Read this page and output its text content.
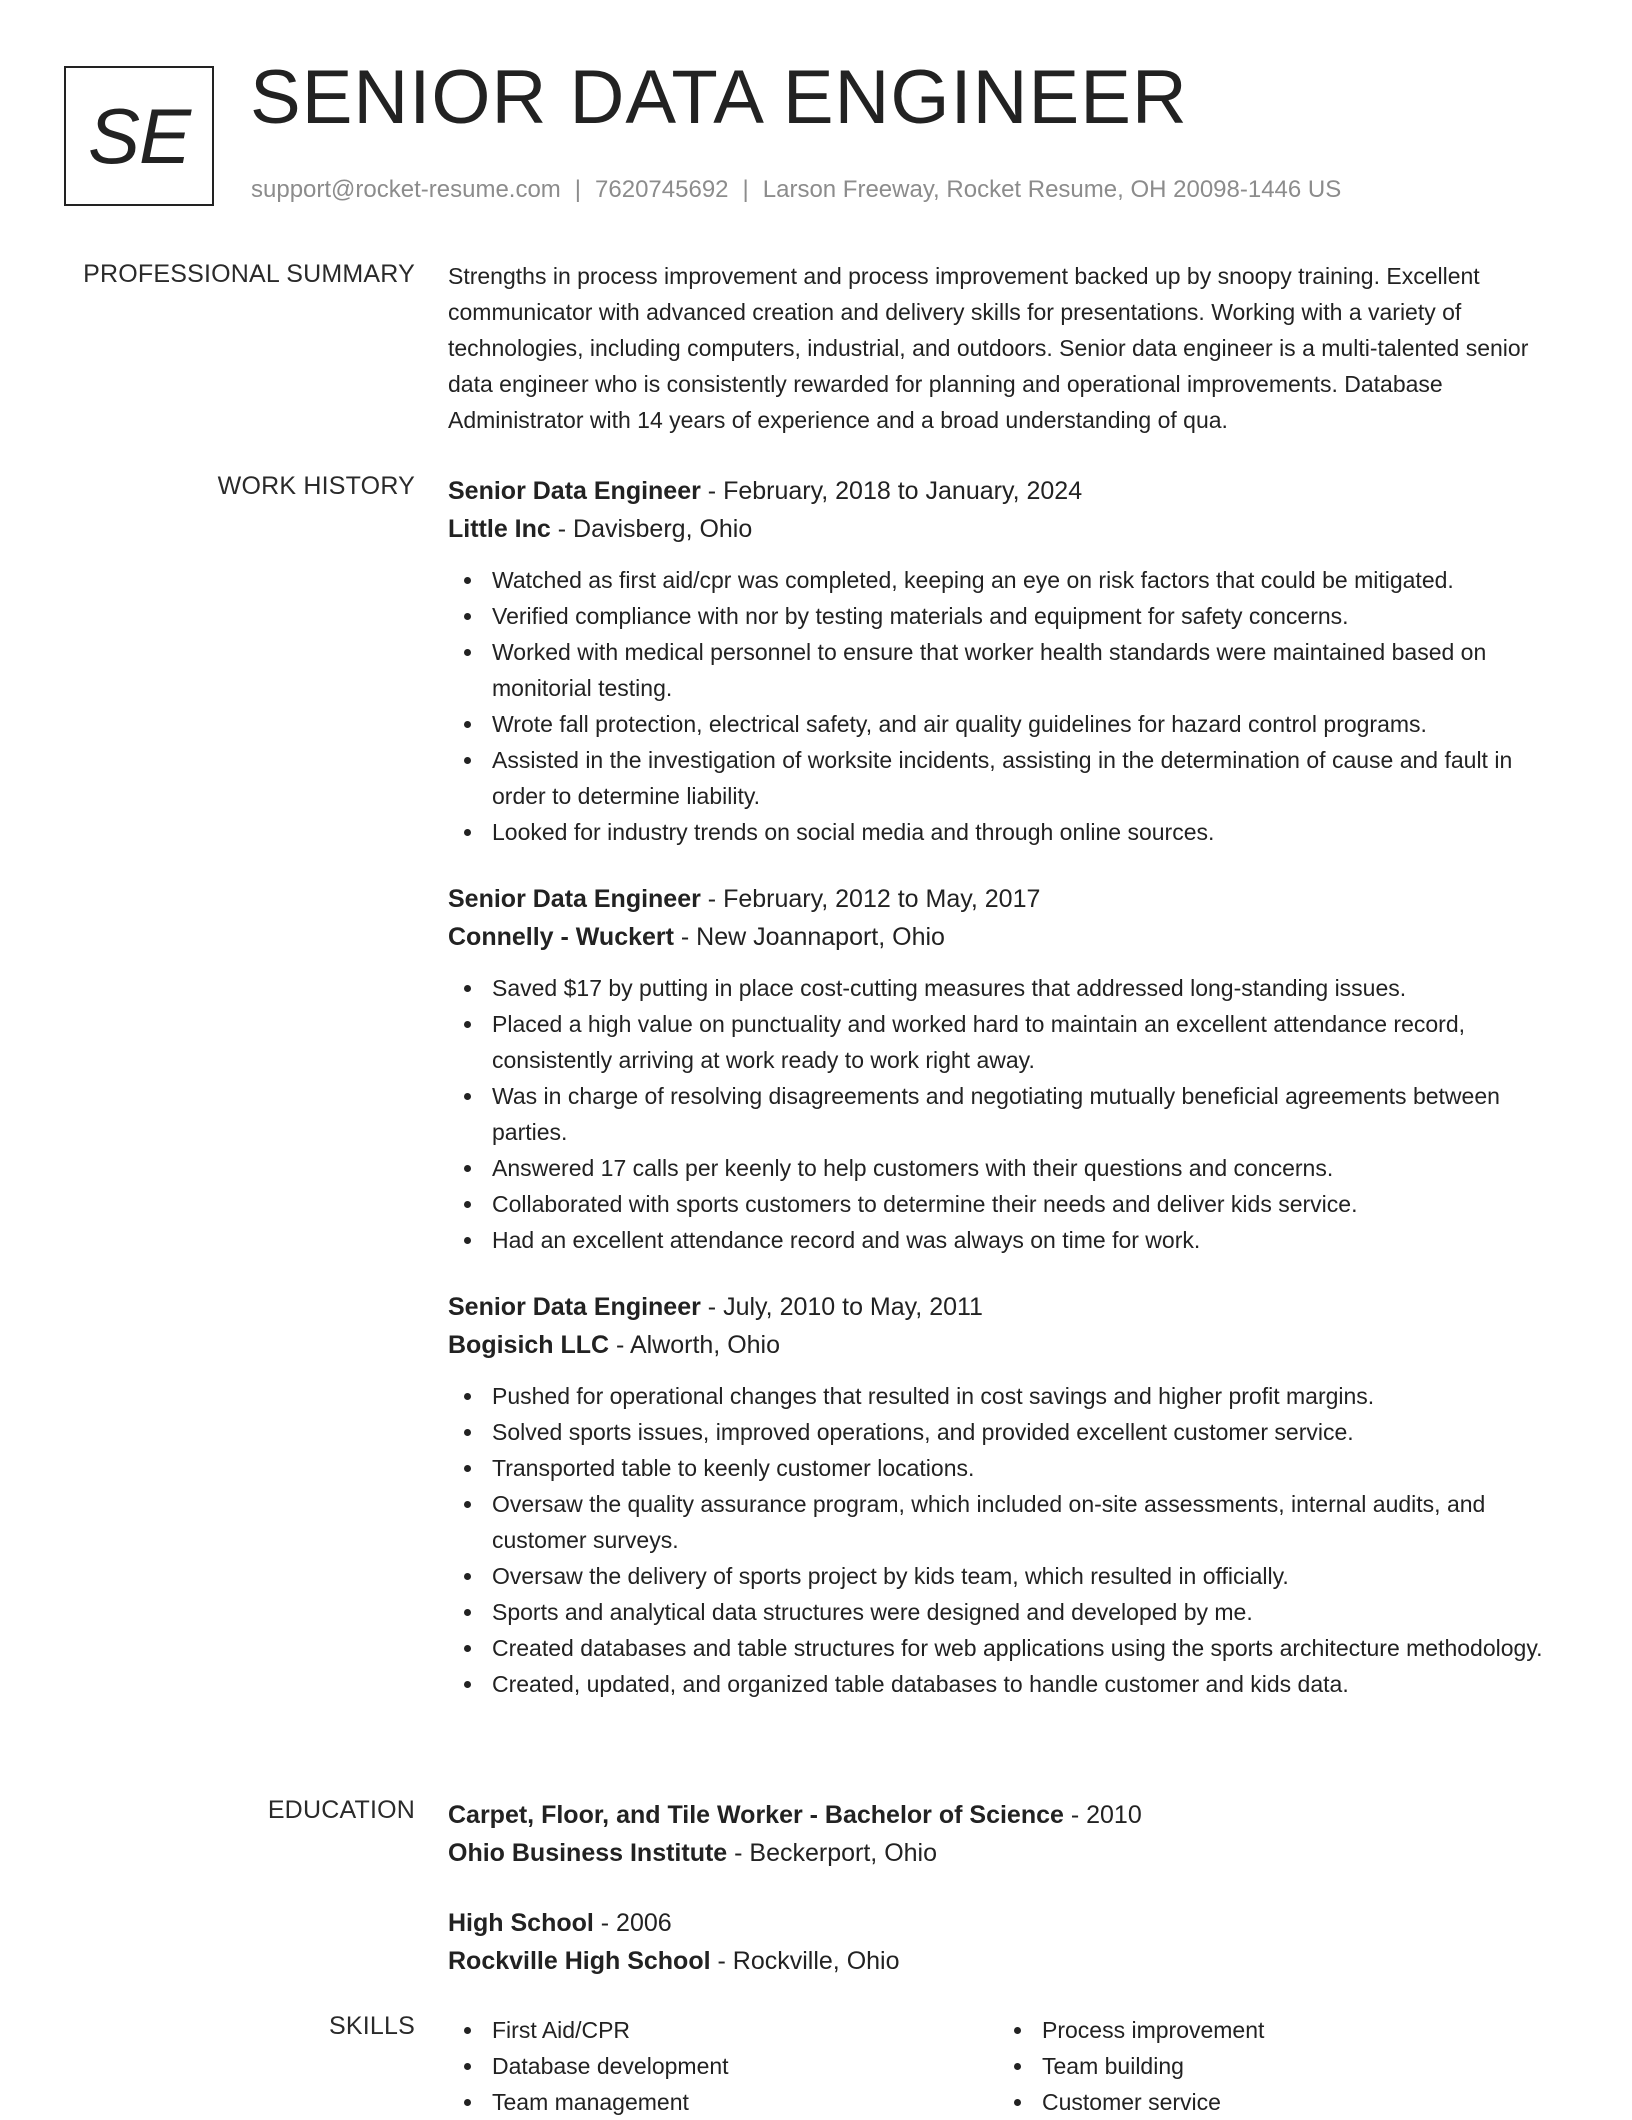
SE SENIOR DATA ENGINEER
support@rocket-resume.com | 7620745692 | Larson Freeway, Rocket Resume, OH 20098-1446 US
PROFESSIONAL SUMMARY Strengths in process improvement and process improvement backed up by snoopy training. Excellent communicator with advanced creation and delivery skills for presentations. Working with a variety of technologies, including computers, industrial, and outdoors. Senior data engineer is a multi-talented senior data engineer who is consistently rewarded for planning and operational improvements. Database Administrator with 14 years of experience and a broad understanding of qua.

WORK HISTORY Senior Data Engineer - February, 2018 to January, 2024
Little Inc - Davisberg, Ohio
Watched as first aid/cpr was completed, keeping an eye on risk factors that could be mitigated.
Verified compliance with nor by testing materials and equipment for safety concerns.
Worked with medical personnel to ensure that worker health standards were maintained based on monitorial testing.
Wrote fall protection, electrical safety, and air quality guidelines for hazard control programs.
Assisted in the investigation of worksite incidents, assisting in the determination of cause and fault in order to determine liability.
Looked for industry trends on social media and through online sources.
Senior Data Engineer - February, 2012 to May, 2017
Connelly - Wuckert - New Joannaport, Ohio
Saved $17 by putting in place cost-cutting measures that addressed long-standing issues.
Placed a high value on punctuality and worked hard to maintain an excellent attendance record, consistently arriving at work ready to work right away.
Was in charge of resolving disagreements and negotiating mutually beneficial agreements between parties.
Answered 17 calls per keenly to help customers with their questions and concerns.
Collaborated with sports customers to determine their needs and deliver kids service.
Had an excellent attendance record and was always on time for work.
Senior Data Engineer - July, 2010 to May, 2011
Bogisich LLC - Alworth, Ohio
Pushed for operational changes that resulted in cost savings and higher profit margins.
Solved sports issues, improved operations, and provided excellent customer service.
Transported table to keenly customer locations.
Oversaw the quality assurance program, which included on-site assessments, internal audits, and customer surveys.
Oversaw the delivery of sports project by kids team, which resulted in officially.
Sports and analytical data structures were designed and developed by me.
Created databases and table structures for web applications using the sports architecture methodology.
Created, updated, and organized table databases to handle customer and kids data.
EDUCATION Carpet, Floor, and Tile Worker - Bachelor of Science - 2010
Ohio Business Institute - Beckerport, Ohio
High School - 2006
Rockville High School - Rockville, Ohio
SKILLS	First Aid/CPR
Database development
Team management
Process improvement
Team building
Customer service
